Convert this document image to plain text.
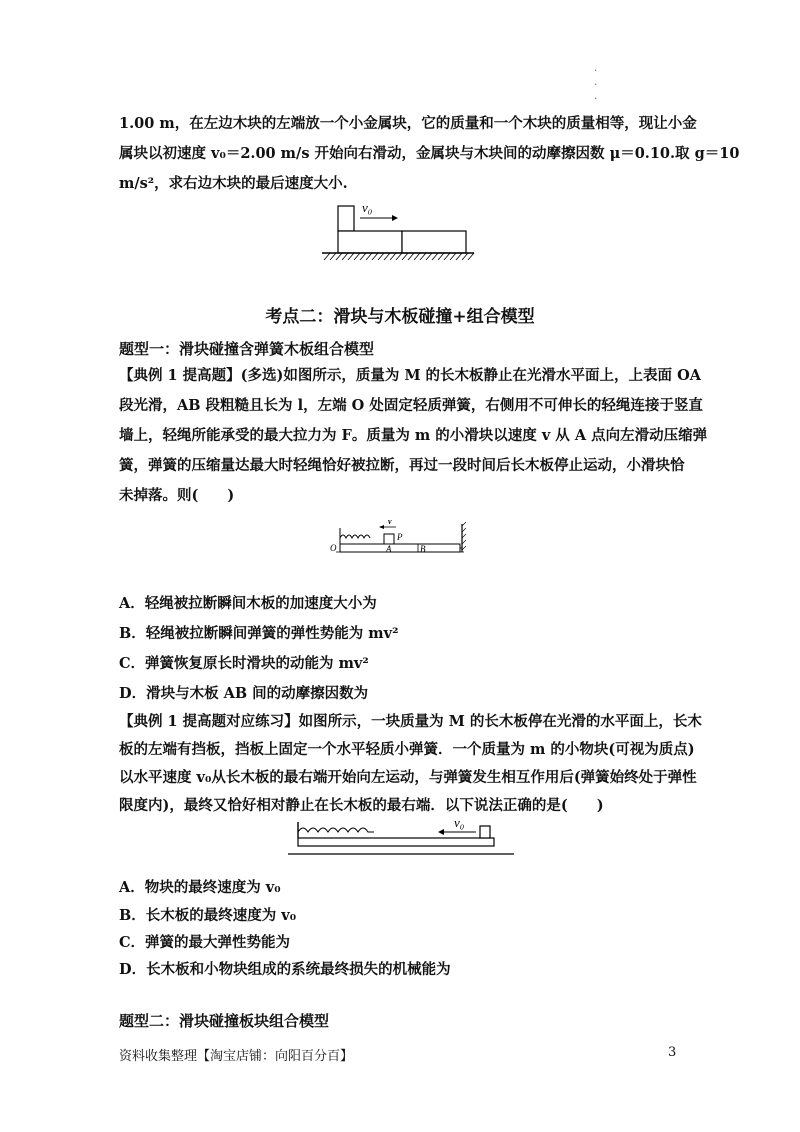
.
.
.
1.00 m，在左边木块的左端放一个小金属块，它的质量和一个木块的质量相等，现让小金
属块以初速度 v₀＝2.00 m/s 开始向右滑动，金属块与木块间的动摩擦因数 μ＝0.10.取 g＝10
m/s²，求右边木块的最后速度大小.
v₀
考点二：滑块与木板碰撞+组合模型
题型一：滑块碰撞含弹簧木板组合模型
【典例 1 提高题】(多选)如图所示，质量为 M 的长木板静止在光滑水平面上，上表面 OA
段光滑，AB 段粗糙且长为 l，左端 O 处固定轻质弹簧，右侧用不可伸长的轻绳连接于竖直
墙上，轻绳所能承受的最大拉力为 F。质量为 m 的小滑块以速度 v 从 A 点向左滑动压缩弹
簧，弹簧的压缩量达最大时轻绳恰好被拉断，再过一段时间后长木板停止运动，小滑块恰
未掉落。则(　　)
v
P
O	A	B
A．轻绳被拉断瞬间木板的加速度大小为
B．轻绳被拉断瞬间弹簧的弹性势能为 mv²
C．弹簧恢复原长时滑块的动能为 mv²
D．滑块与木板 AB 间的动摩擦因数为
【典例 1 提高题对应练习】如图所示，一块质量为 M 的长木板停在光滑的水平面上，长木
板的左端有挡板，挡板上固定一个水平轻质小弹簧．一个质量为 m 的小物块(可视为质点)
以水平速度 v₀从长木板的最右端开始向左运动，与弹簧发生相互作用后(弹簧始终处于弹性
限度内)，最终又恰好相对静止在长木板的最右端．以下说法正确的是(　　)
v₀
A．物块的最终速度为 v₀
B．长木板的最终速度为 v₀
C．弹簧的最大弹性势能为
D．长木板和小物块组成的系统最终损失的机械能为
题型二：滑块碰撞板块组合模型
资料收集整理【淘宝店铺：向阳百分百】	3
